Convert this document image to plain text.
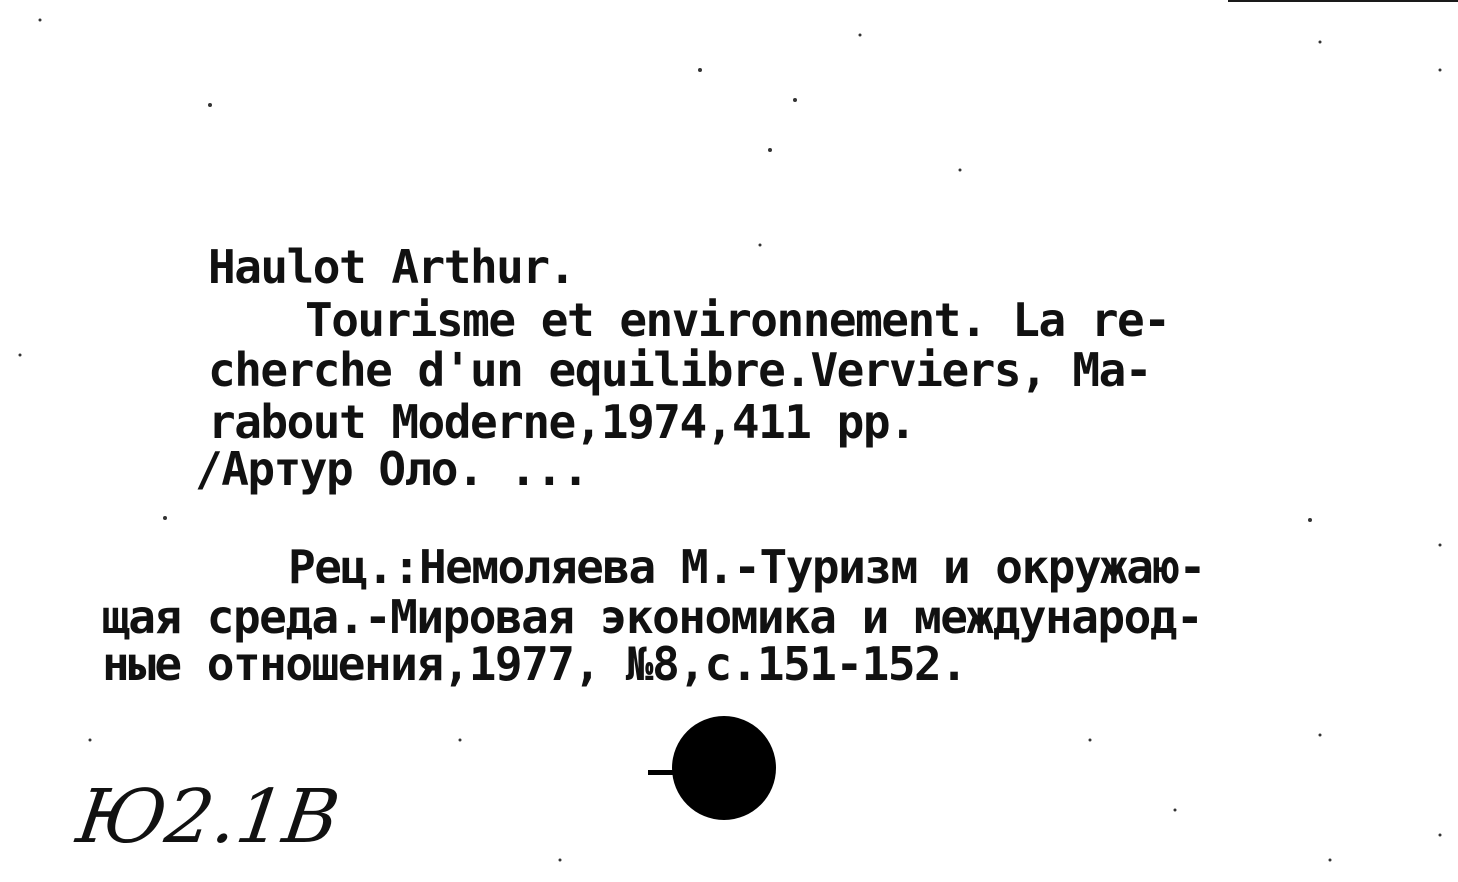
Haulot Arthur.
Tourisme et environnement. La re-
cherche d'un equilibre.Verviers, Ma-
rabout Moderne,1974,411 pp.
/Артур Оло. ...
Рец.:Немоляева М.-Туризм и окружаю-
щая среда.-Мировая экономика и международ-
ные отношения,1977, №8,с.151-152.
Ю2.1В
